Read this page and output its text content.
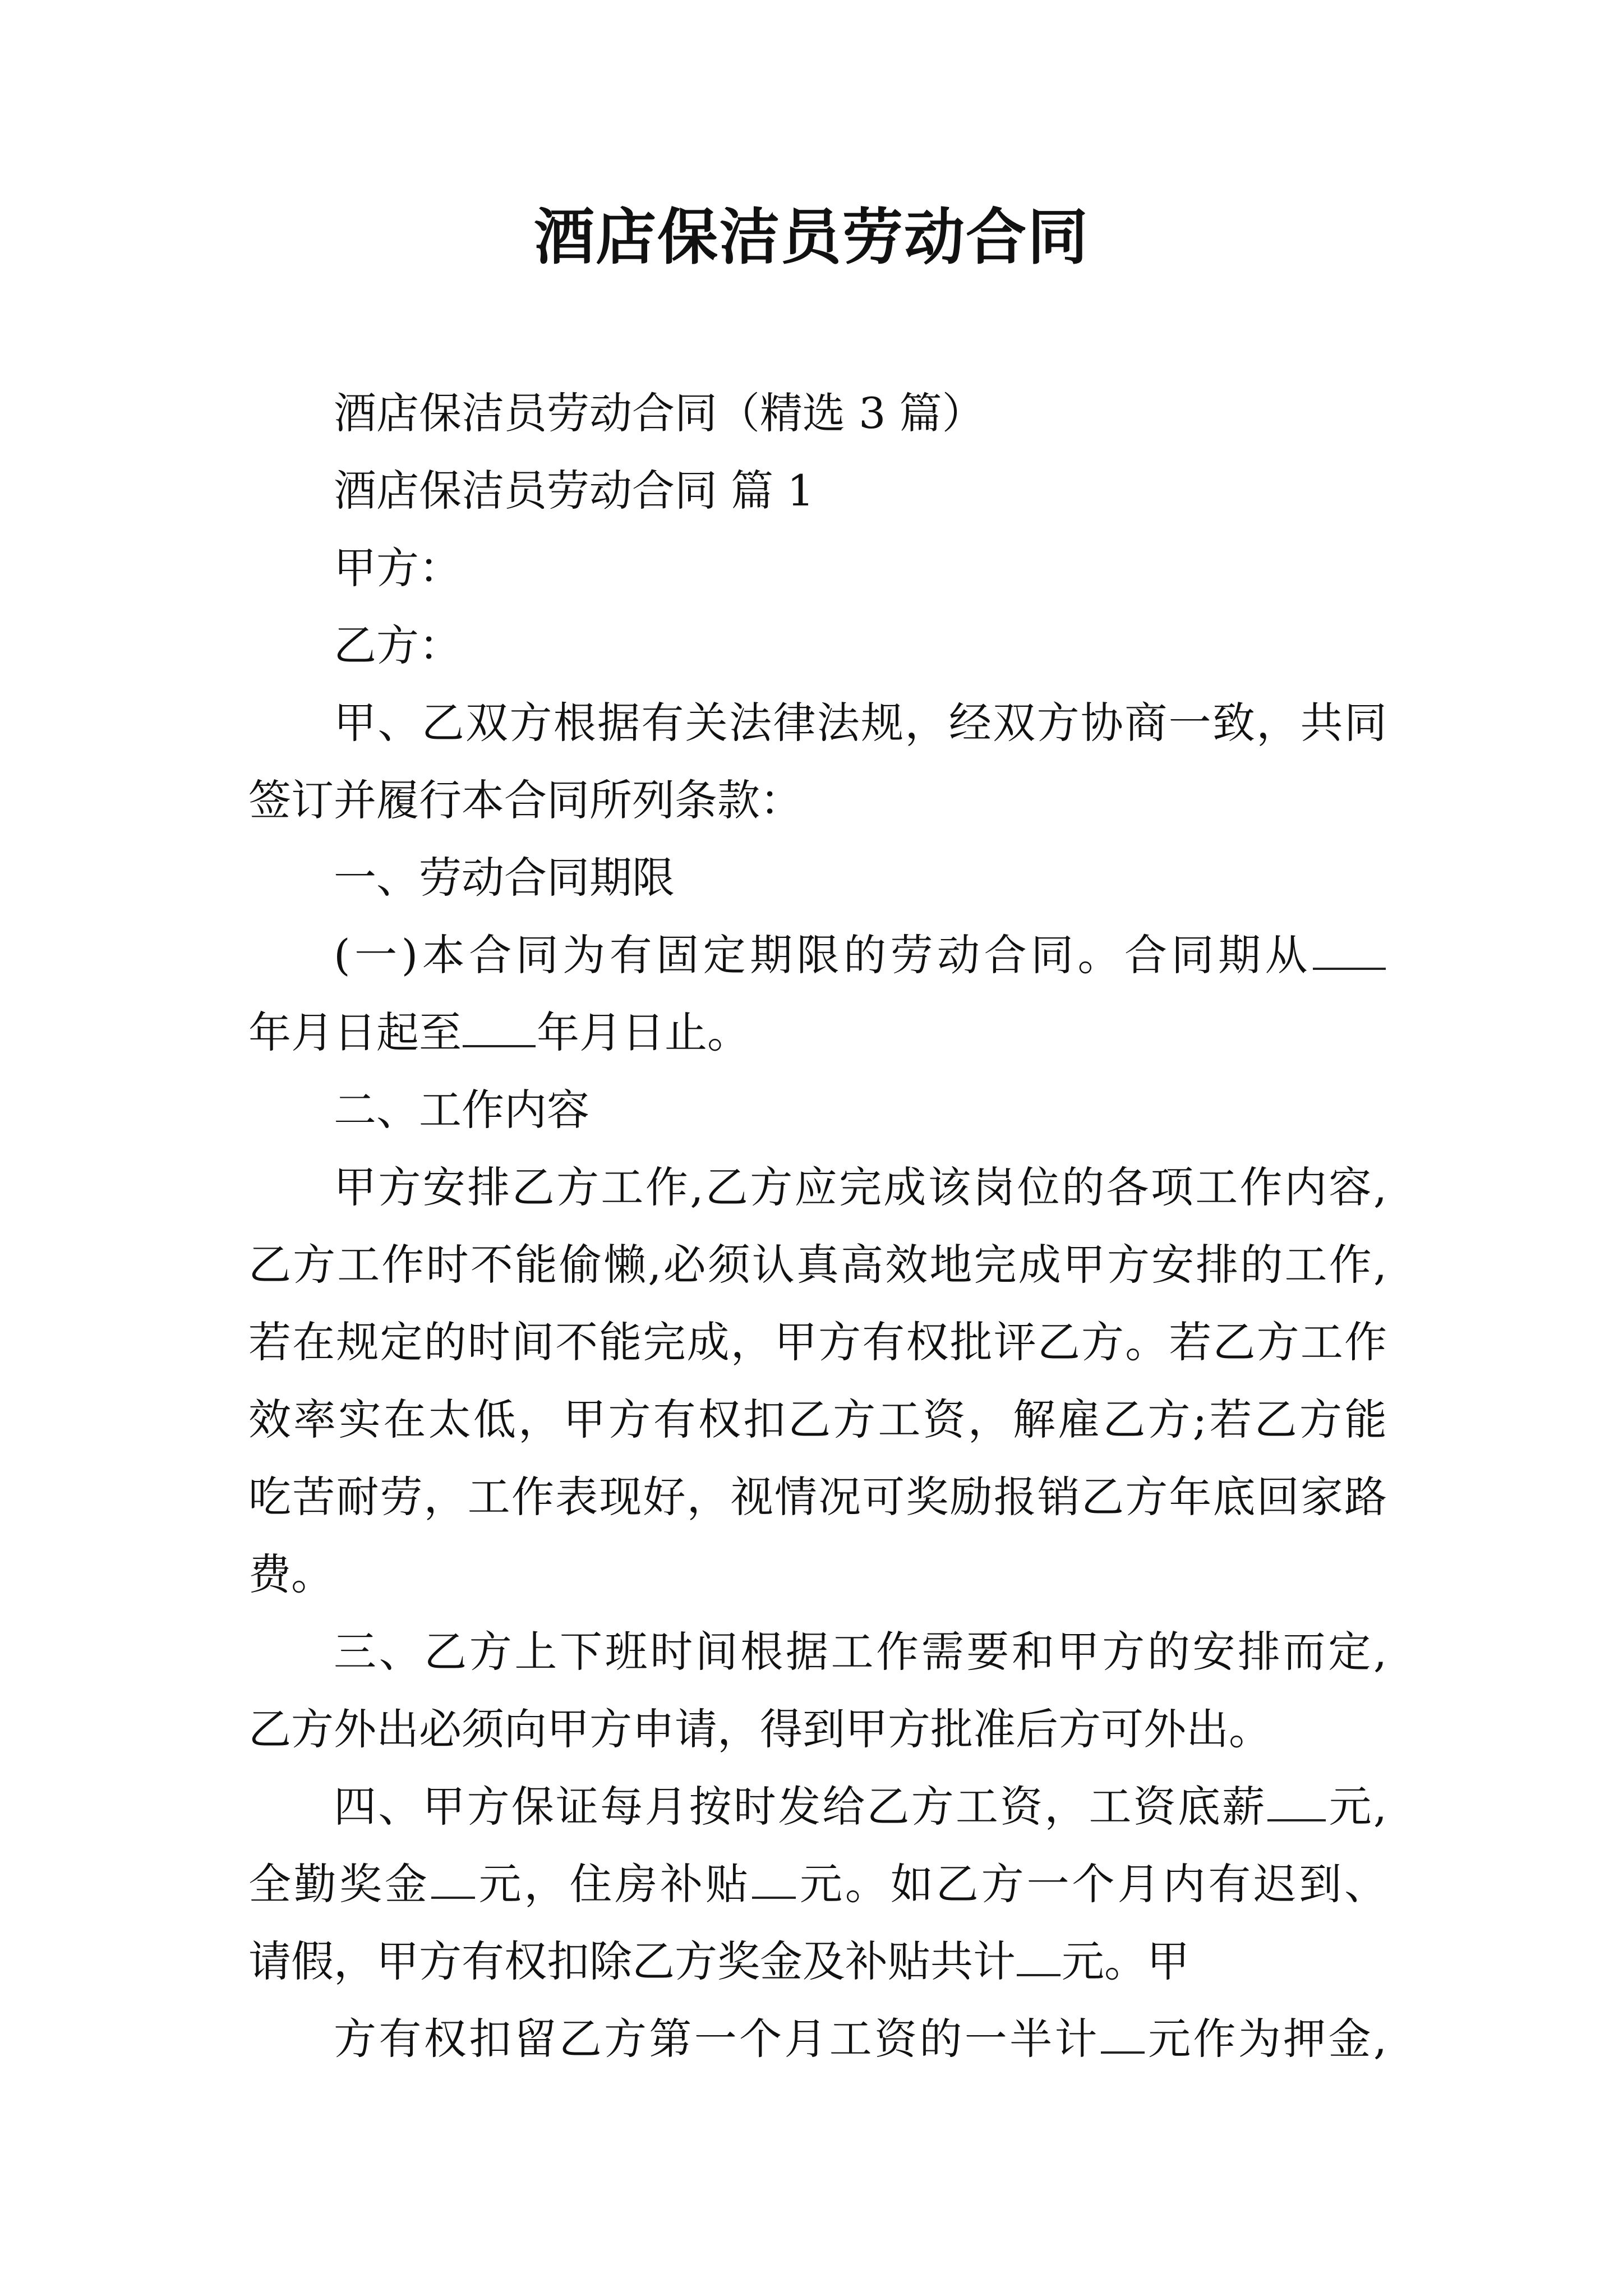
酒店保洁员劳动合同
酒店保洁员劳动合同（精选 3 篇）
酒店保洁员劳动合同 篇 1
甲方：
乙方：
甲、乙双方根据有关法律法规，经双方协商一致，共同
签订并履行本合同所列条款：
一、劳动合同期限
(一)本合同为有固定期限的劳动合同。合同期从
年月日起至 年月日止。
二、工作内容
甲方安排乙方工作,乙方应完成该岗位的各项工作内容,
乙方工作时不能偷懒,必须认真高效地完成甲方安排的工作,
若在规定的时间不能完成，甲方有权批评乙方。若乙方工作
效率实在太低，甲方有权扣乙方工资，解雇乙方;若乙方能
吃苦耐劳，工作表现好，视情况可奖励报销乙方年底回家路
费。
三、乙方上下班时间根据工作需要和甲方的安排而定,
乙方外出必须向甲方申请，得到甲方批准后方可外出。
四、甲方保证每月按时发给乙方工资，工资底薪 元,
全勤奖金 元，住房补贴 元。如乙方一个月内有迟到、
请假，甲方有权扣除乙方奖金及补贴共计 元。甲
方有权扣留乙方第一个月工资的一半计 元作为押金,
